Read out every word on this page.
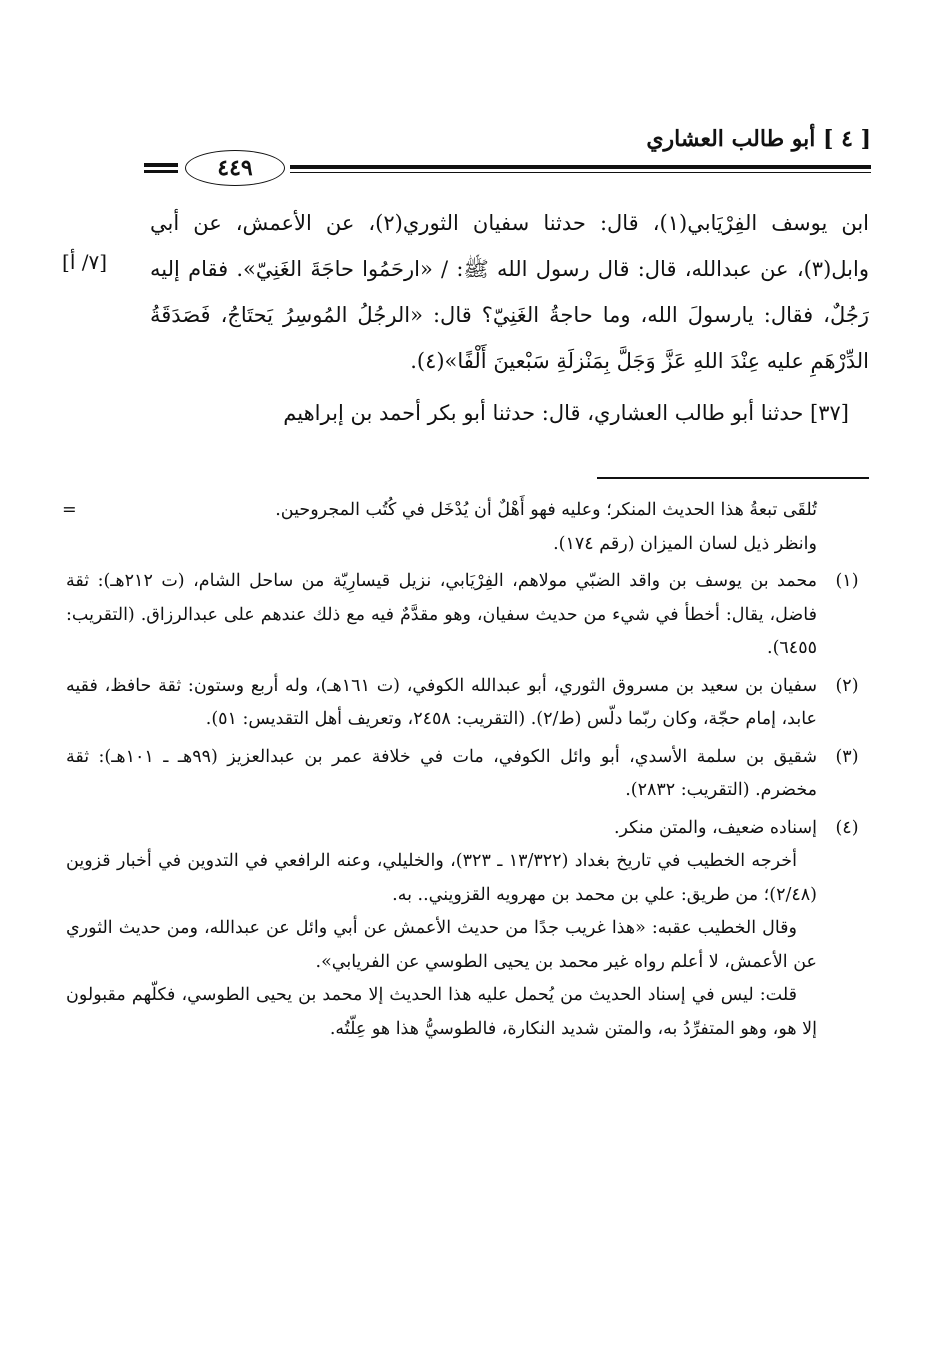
[ ٤ ] أبو طالب العشاري
٤٤٩
[٧/ أ]

ابن يوسف الفِرْيَابي(١)، قال: حدثنا سفيان الثوري(٢)، عن الأعمش، عن أبي وابل(٣)، عن عبدالله، قال: قال رسول الله ﷺ: / «ارحَمُوا حاجَةَ الغَنِيّ». فقام إليه رَجُلٌ، فقال: يارسولَ الله، وما حاجةُ الغَنِيّ؟ قال: «الرجُلُ المُوسِرُ يَحتَاجُ، فَصَدَقَةُ الدِّرْهَمِ عليه عِنْدَ اللهِ عَزَّ وَجَلَّ بِمَنْزلَةِ سَبْعينَ أَلْفًا»(٤).

[٣٧] حدثنا أبو طالب العشاري، قال: حدثنا أبو بكر أحمد بن إبراهيم

=	تُلقَى تبعةُ هذا الحديث المنكر؛ وعليه فهو أَهْلٌ أن يُدْخَل في كُتُب المجروحين.

وانظر ذيل لسان الميزان (رقم ١٧٤).

(١)

محمد بن يوسف بن واقد الضبّي مولاهم، الفِرْيَابي، نزيل قيسارِيّة من ساحل الشام، (ت ٢١٢هـ): ثقة فاضل، يقال: أخطأ في شيء من حديث سفيان، وهو مقدَّمٌ فيه مع ذلك عندهم على عبدالرزاق. (التقريب: ٦٤٥٥).

(٢)

سفيان بن سعيد بن مسروق الثوري، أبو عبدالله الكوفي، (ت ١٦١هـ)، وله أربع وستون: ثقة حافظ، فقيه عابد، إمام حجّة، وكان ربّما دلّس (ط/٢). (التقريب: ٢٤٥٨، وتعريف أهل التقديس: ٥١).

(٣)

شقيق بن سلمة الأسدي، أبو وائل الكوفي، مات في خلافة عمر بن عبدالعزيز (٩٩هـ ـ ١٠١هـ): ثقة مخضرم. (التقريب: ٢٨٣٢).

(٤)

إسناده ضعيف، والمتن منكر.

أخرجه الخطيب في تاريخ بغداد (١٣/٣٢٢ ـ ٣٢٣)، والخليلي، وعنه الرافعي في التدوين في أخبار قزوين (٢/٤٨)؛ من طريق: علي بن محمد بن مهرويه القزويني.. به.

وقال الخطيب عقبه: «هذا غريب جدًا من حديث الأعمش عن أبي وائل عن عبدالله، ومن حديث الثوري عن الأعمش، لا أعلم رواه غير محمد بن يحيى الطوسي عن الفريابي».

قلت: ليس في إسناد الحديث من يُحمل عليه هذا الحديث إلا محمد بن يحيى الطوسي، فكلّهم مقبولون إلا هو، وهو المتفرِّدُ به، والمتن شديد النكارة، فالطوسيُّ هذا هو عِلّتُه.
